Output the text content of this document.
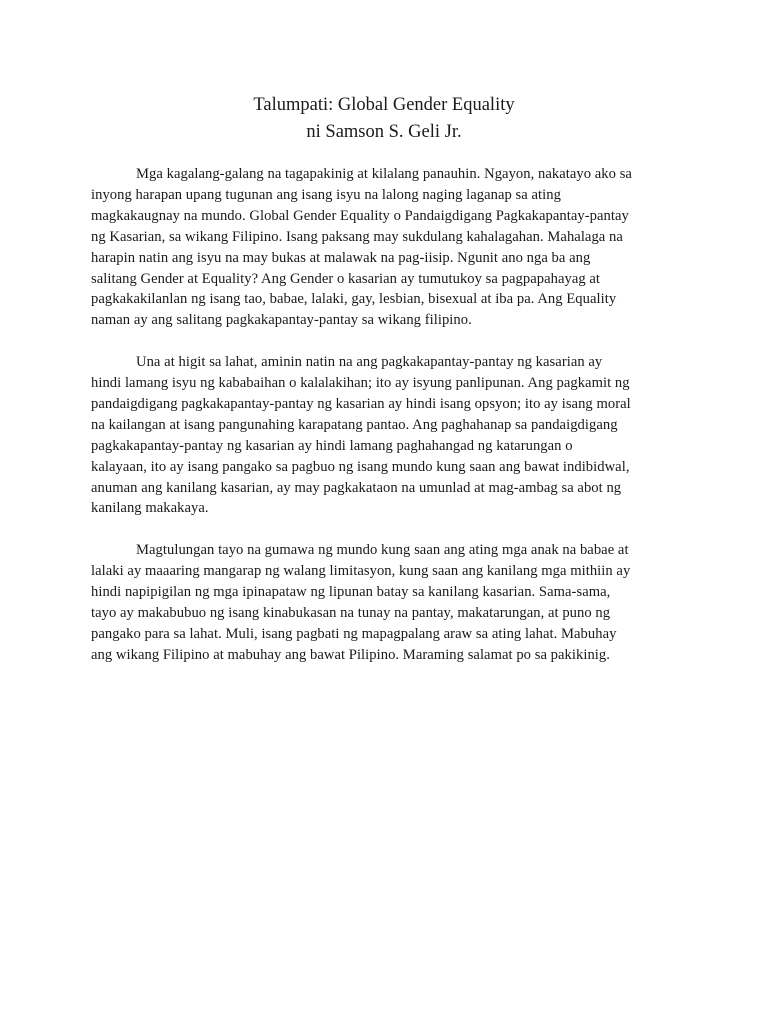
Talumpati: Global Gender Equality
ni Samson S. Geli Jr.
Mga kagalang-galang na tagapakinig at kilalang panauhin. Ngayon, nakatayo ako sa
inyong harapan upang tugunan ang isang isyu na lalong naging laganap sa ating
magkakaugnay na mundo. Global Gender Equality o Pandaigdigang Pagkakapantay-pantay
ng Kasarian, sa wikang Filipino. Isang paksang may sukdulang kahalagahan. Mahalaga na
harapin natin ang isyu na may bukas at malawak na pag-iisip. Ngunit ano nga ba ang
salitang Gender at Equality? Ang Gender o kasarian ay tumutukoy sa pagpapahayag at
pagkakakilanlan ng isang tao, babae, lalaki, gay, lesbian, bisexual at iba pa. Ang Equality
naman ay ang salitang pagkakapantay-pantay sa wikang filipino.
Una at higit sa lahat, aminin natin na ang pagkakapantay-pantay ng kasarian ay
hindi lamang isyu ng kababaihan o kalalakihan; ito ay isyung panlipunan. Ang pagkamit ng
pandaigdigang pagkakapantay-pantay ng kasarian ay hindi isang opsyon; ito ay isang moral
na kailangan at isang pangunahing karapatang pantao. Ang paghahanap sa pandaigdigang
pagkakapantay-pantay ng kasarian ay hindi lamang paghahangad ng katarungan o
kalayaan, ito ay isang pangako sa pagbuo ng isang mundo kung saan ang bawat indibidwal,
anuman ang kanilang kasarian, ay may pagkakataon na umunlad at mag-ambag sa abot ng
kanilang makakaya.
Magtulungan tayo na gumawa ng mundo kung saan ang ating mga anak na babae at
lalaki ay maaaring mangarap ng walang limitasyon, kung saan ang kanilang mga mithiin ay
hindi napipigilan ng mga ipinapataw ng lipunan batay sa kanilang kasarian. Sama-sama,
tayo ay makabubuo ng isang kinabukasan na tunay na pantay, makatarungan, at puno ng
pangako para sa lahat. Muli, isang pagbati ng mapagpalang araw sa ating lahat. Mabuhay
ang wikang Filipino at mabuhay ang bawat Pilipino. Maraming salamat po sa pakikinig.
